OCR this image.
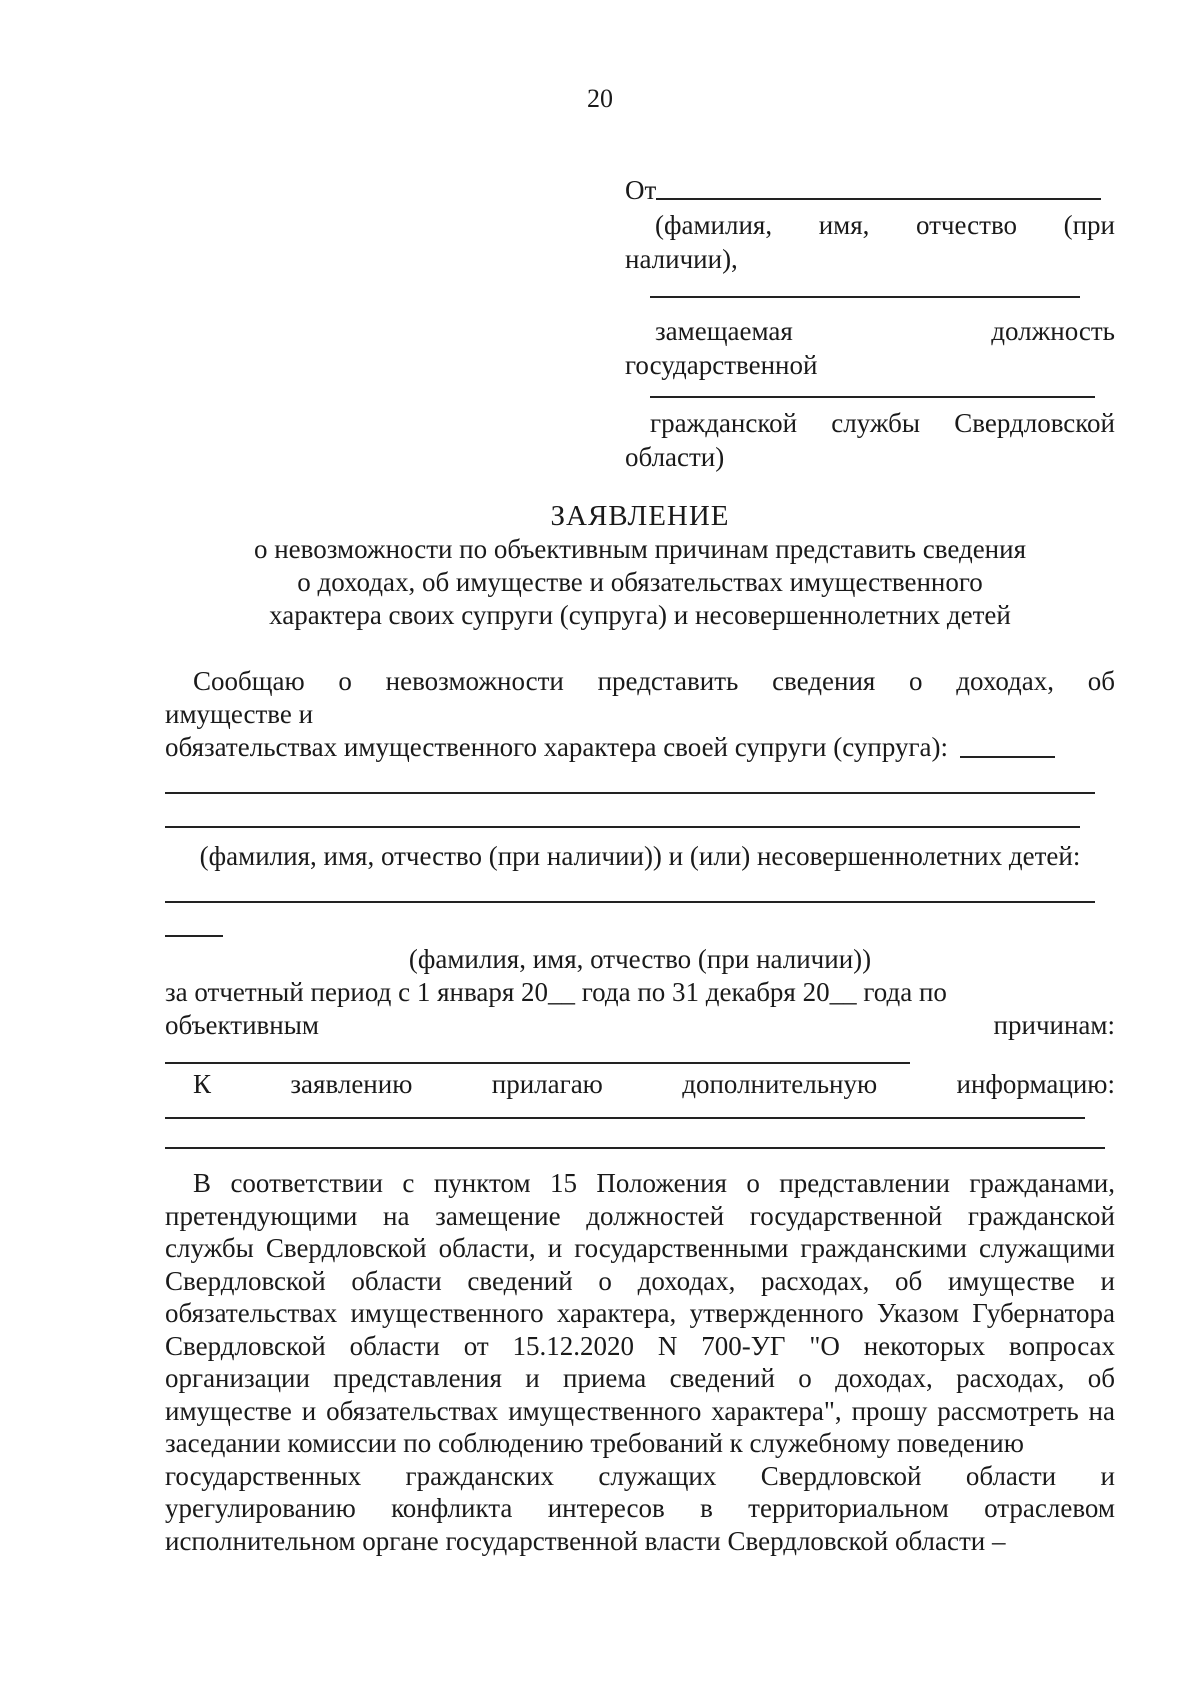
20
От
(фамилия, имя, отчество (при
наличии),
замещаемая должность
государственной
гражданской службы Свердловской
области)
ЗАЯВЛЕНИЕ
о невозможности по объективным причинам представить сведения
о доходах, об имуществе и обязательствах имущественного
характера своих супруги (супруга) и несовершеннолетних детей
Сообщаю о невозможности представить сведения о доходах, об
имуществе и
обязательствах имущественного характера своей супруги (супруга):
(фамилия, имя, отчество (при наличии)) и (или) несовершеннолетних детей:
(фамилия, имя, отчество (при наличии))
за отчетный период с 1 января 20__ года по 31 декабря 20__ года по
объективным	причинам:
К	заявлению	прилагаю	дополнительную	информацию:
В соответствии с пунктом 15 Положения о представлении гражданами, претендующими на замещение должностей государственной гражданской службы Свердловской области, и государственными гражданскими служащими Свердловской области сведений о доходах, расходах, об имуществе и обязательствах имущественного характера, утвержденного Указом Губернатора Свердловской области от 15.12.2020 N 700-УГ "О некоторых вопросах организации представления и приема сведений о доходах, расходах, об имуществе и обязательствах имущественного характера", прошу рассмотреть на заседании комиссии по соблюдению требований к служебному поведению
государственных гражданских служащих Свердловской области и урегулированию конфликта интересов в территориальном отраслевом исполнительном органе государственной власти Свердловской области –
